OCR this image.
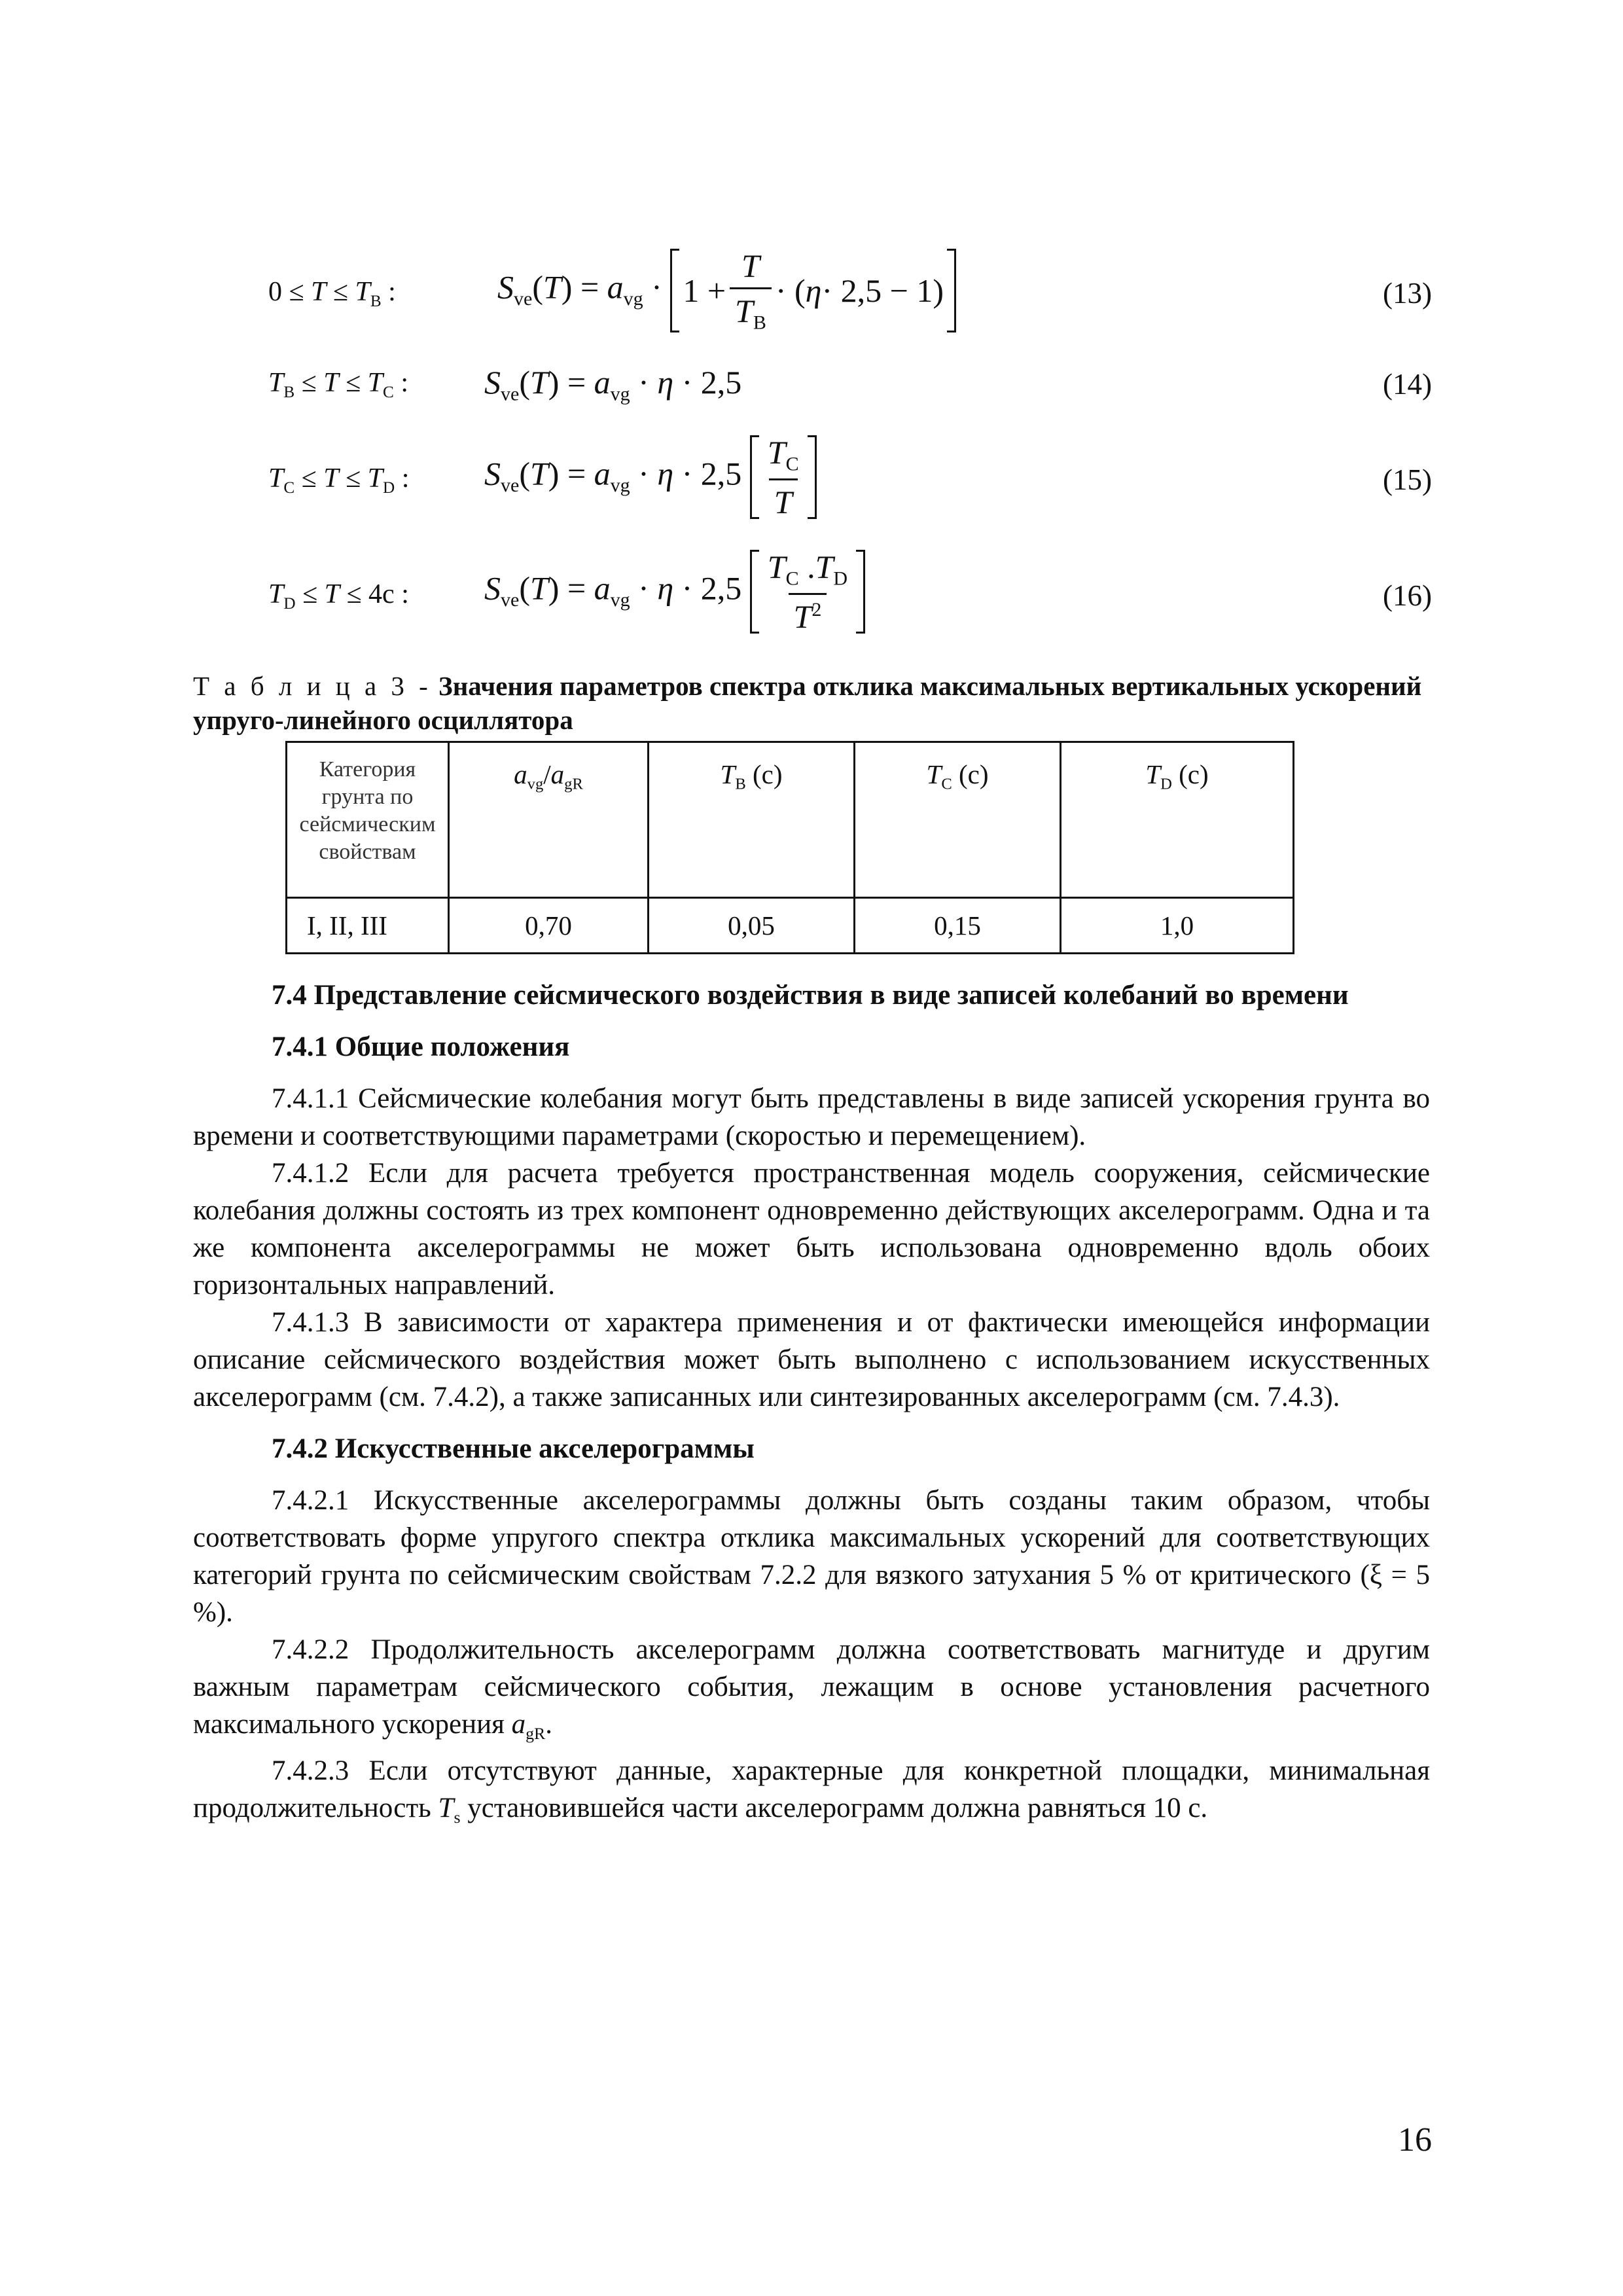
$0 \le T \le T_B$ :	$S_{ve}(T) = a_{vg}$ ·
$1 + \frac{T}{T_B}$ · ( η · 2,5 − 1)	(13)
$T_B \le T \le T_C$ : $S_{ve}(T) = a_{vg} \cdot \eta \cdot 2,5$	(14)
$T_C \le T \le T_D$ : $S_{ve}(T) = a_{vg} \cdot \eta \cdot 2,5 \frac{T_C}{T}$	(15)
$T_D \le T \le 4с$ : $S_{ve}(T) = a_{vg} \cdot \eta \cdot 2,5 \frac{T_C .T_D}{T^2}$	(16)
Т а б л и ц а 3 - Значения параметров спектра отклика максимальных вертикальных ускорений упруго-линейного осциллятора
Категория грунта по сейсмическим свойствам	$a_{vg}/a_{gR}$	$T_B$ (c)	$T_C$ (c)	$T_D$ (c)
I, II, III	0,70	0,05	0,15	1,0

7.4 Представление сейсмического воздействия в виде записей колебаний во времени

7.4.1 Общие положения

7.4.1.1 Сейсмические колебания могут быть представлены в виде записей ускорения грунта во времени и соответствующими параметрами (скоростью и перемещением).

7.4.1.2 Если для расчета требуется пространственная модель сооружения, сейсмические колебания должны состоять из трех компонент одновременно действующих акселерограмм. Одна и та же компонента акселерограммы не может быть использована одновременно вдоль обоих горизонтальных направлений.

7.4.1.3 В зависимости от характера применения и от фактически имеющейся информации описание сейсмического воздействия может быть выполнено с использованием искусственных акселерограмм (см. 7.4.2), а также записанных или синтезированных акселерограмм (см. 7.4.3).

7.4.2 Искусственные акселерограммы

7.4.2.1 Искусственные акселерограммы должны быть созданы таким образом, чтобы соответствовать форме упругого спектра отклика максимальных ускорений для соответствующих категорий грунта по сейсмическим свойствам 7.2.2 для вязкого затухания 5 % от критического (ξ = 5 %).

7.4.2.2 Продолжительность акселерограмм должна соответствовать магнитуде и другим важным параметрам сейсмического события, лежащим в основе установления расчетного максимального ускорения $a_{gR}$.

7.4.2.3 Если отсутствуют данные, характерные для конкретной площадки, минимальная продолжительность $T_s$ установившейся части акселерограмм должна равняться 10 с.

16
